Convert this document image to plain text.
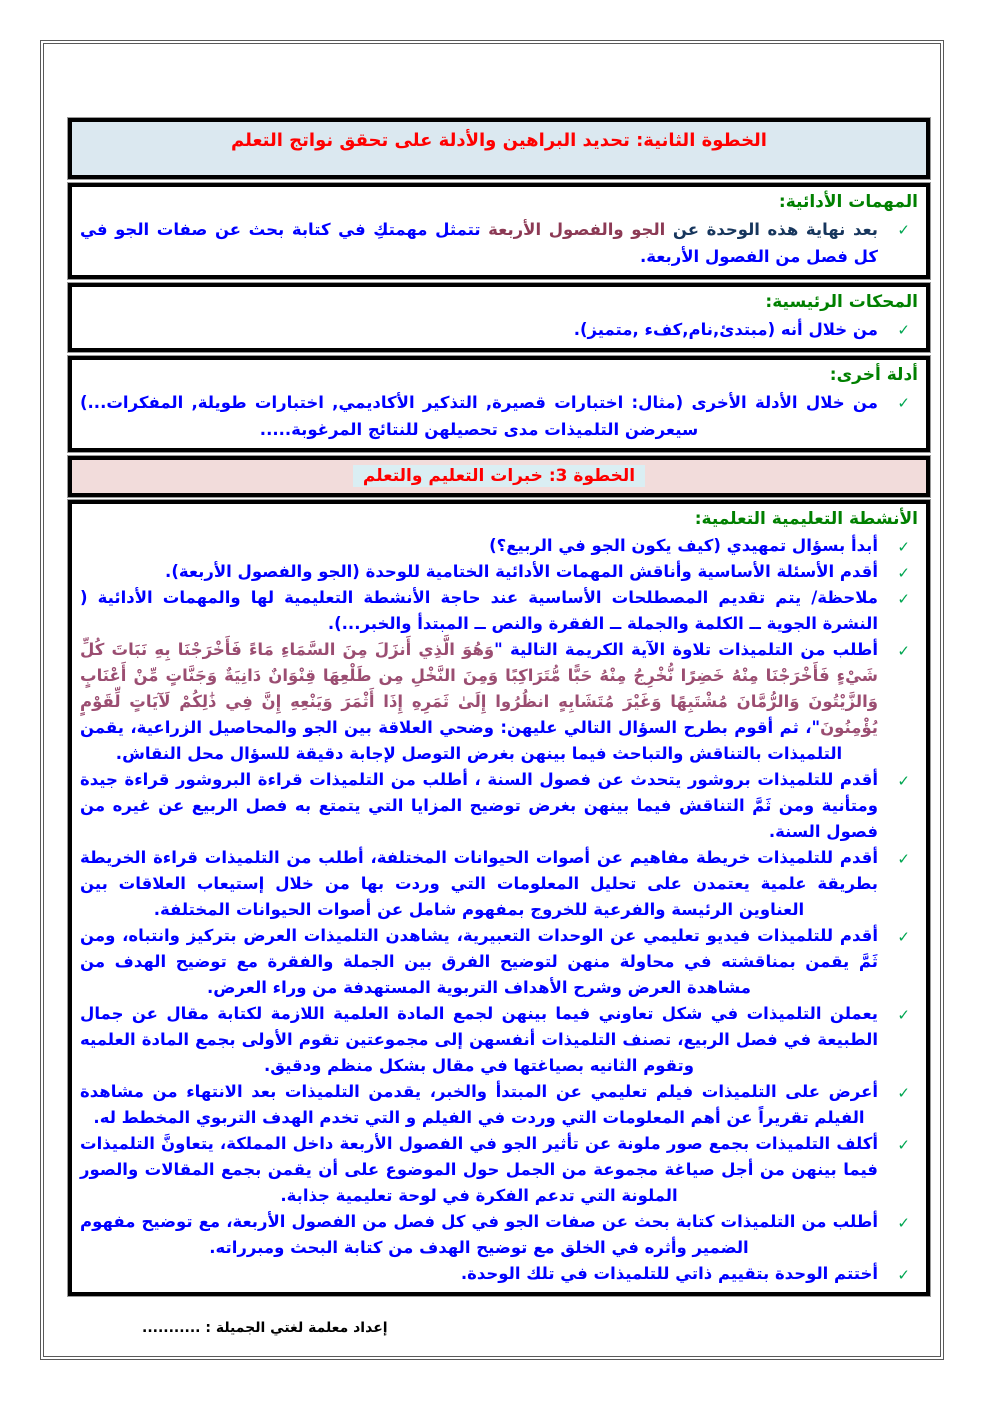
الخطوة الثانية: تحديد البراهين والأدلة على تحقق نواتج التعلم
المهمات الأدائية:
✓
بعد نهاية هذه الوحدة عن الجو والفصول الأربعة تتمثل مهمتكِ في كتابة بحث عن صفات الجو في كل فصل من الفصول الأربعة.
المحكات الرئيسية:
✓
من خلال أنه (مبتدئ,نام,كفء ,متميز).
أدلة أخرى:
✓
من خلال الأدلة الأخرى (مثال: اختبارات قصيرة, التذكير الأكاديمي, اختبارات طويلة, المفكرات...) سيعرضن التلميذات مدى تحصيلهن للنتائج المرغوبة.....
الخطوة 3: خبرات التعليم والتعلم
الأنشطة التعليمية التعلمية:
✓
أبدأ بسؤال تمهيدي (كيف يكون الجو في الربيع؟)
✓
أقدم الأسئلة الأساسية وأناقش المهمات الأدائية الختامية للوحدة (الجو والفصول الأربعة).
✓
ملاحظة/ يتم تقديم المصطلحات الأساسية عند حاجة الأنشطة التعليمية لها والمهمات الأدائية ( النشرة الجوية ــ الكلمة والجملة ــ الفقرة والنص ــ المبتدأ والخبر...).
✓
أطلب من التلميذات تلاوة الآية الكريمة التالية "وَهُوَ الَّذِي أَنزَلَ مِنَ السَّمَاءِ مَاءً فَأَخْرَجْنَا بِهِ نَبَاتَ كُلِّ شَيْءٍ فَأَخْرَجْنَا مِنْهُ خَضِرًا نُّخْرِجُ مِنْهُ حَبًّا مُّتَرَاكِبًا وَمِنَ النَّخْلِ مِن طَلْعِهَا قِنْوَانٌ دَانِيَةٌ وَجَنَّاتٍ مِّنْ أَعْنَابٍ وَالزَّيْتُونَ وَالرُّمَّانَ مُشْتَبِهًا وَغَيْرَ مُتَشَابِهٍ انظُرُوا إِلَىٰ ثَمَرِهِ إِذَا أَثْمَرَ وَيَنْعِهِ إِنَّ فِي ذَٰلِكُمْ لَآيَاتٍ لِّقَوْمٍ يُؤْمِنُونَ"، ثم أقوم بطرح السؤال التالي عليهن: وضحي العلاقة بين الجو والمحاصيل الزراعية، يقمن التلميذات بالتناقش والتباحث فيما بينهن بغرض التوصل لإجابة دقيقة للسؤال محل النقاش.
✓
أقدم للتلميذات بروشور يتحدث عن فصول السنة ، أطلب من التلميذات قراءة البروشور قراءة جيدة ومتأنية ومن ثَمَّ التناقش فيما بينهن بغرض توضيح المزايا التي يتمتع به فصل الربيع عن غيره من فصول السنة.
✓
أقدم للتلميذات خريطة مفاهيم عن أصوات الحيوانات المختلفة، أطلب من التلميذات قراءة الخريطة بطريقة علمية يعتمدن على تحليل المعلومات التي وردت بها من خلال إستيعاب العلاقات بين العناوين الرئيسة والفرعية للخروج بمفهوم شامل عن أصوات الحيوانات المختلفة.
✓
أقدم للتلميذات فيديو تعليمي عن الوحدات التعبيرية، يشاهدن التلميذات العرض بتركيز وانتباه، ومن ثَمَّ يقمن بمناقشته في محاولة منهن لتوضيح الفرق بين الجملة والفقرة مع توضيح الهدف من مشاهدة العرض وشرح الأهداف التربوية المستهدفة من وراء العرض.
✓
يعملن التلميذات في شكل تعاوني فيما بينهن لجمع المادة العلمية اللازمة لكتابة مقال عن جمال الطبيعة في فصل الربيع، تصنف التلميذات أنفسهن إلى مجموعتين تقوم الأولى بجمع المادة العلميه وتقوم الثانيه بصياغتها في مقال بشكل منظم ودقيق.
✓
أعرض على التلميذات فيلم تعليمي عن المبتدأ والخبر، يقدمن التلميذات بعد الانتهاء من مشاهدة الفيلم تقريراً عن أهم المعلومات التي وردت في الفيلم و التي تخدم الهدف التربوي المخطط له.
✓
أكلف التلميذات بجمع صور ملونة عن تأثير الجو في الفصول الأربعة داخل المملكة، يتعاونَّ التلميذات فيما بينهن من أجل صياغة مجموعة من الجمل حول الموضوع على أن يقمن بجمع المقالات والصور الملونة التي تدعم الفكرة في لوحة تعليمية جذابة.
✓
أطلب من التلميذات كتابة بحث عن صفات الجو في كل فصل من الفصول الأربعة، مع توضيح مفهوم الضمير وأثره في الخلق مع توضيح الهدف من كتابة البحث ومبرراته.
✓
أختتم الوحدة بتقييم ذاتي للتلميذات في تلك الوحدة.
إعداد معلمة لغتي الجميلة : ...........
